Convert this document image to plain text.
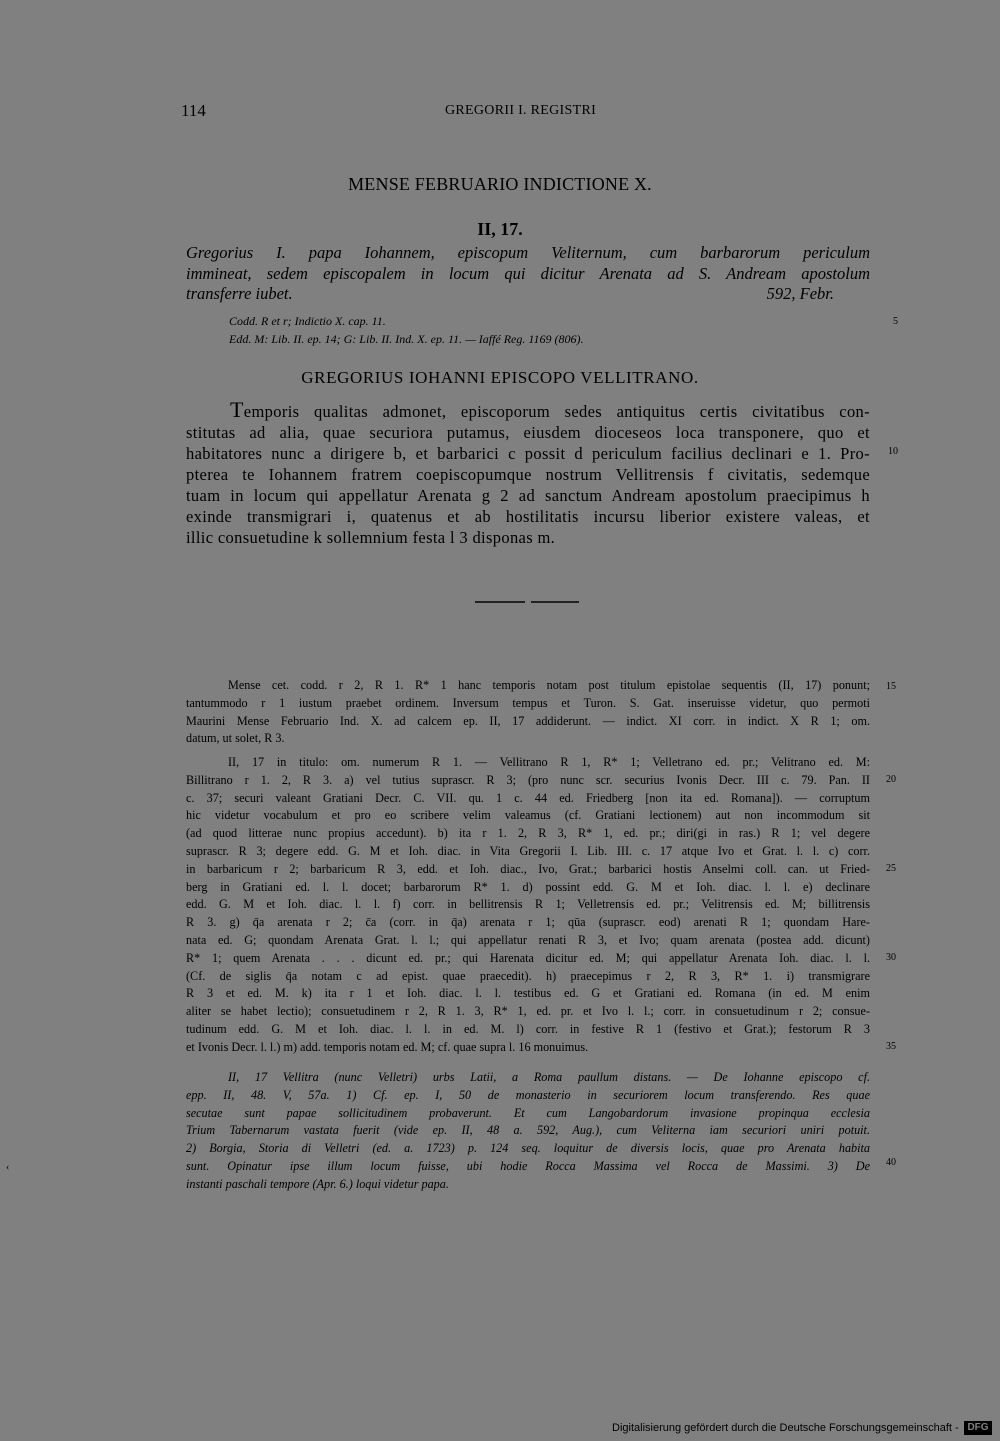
114	GREGORII I. REGISTRI
MENSE FEBRUARIO INDICTIONE X.
II, 17.
Gregorius I. papa Iohannem, episcopum Veliternum, cum barbarorum periculum
immineat, sedem episcopalem in locum qui dicitur Arenata ad S. Andream apostolum
transferre iubet.	592, Febr.
Codd. R et r; Indictio X. cap. 11.	5
Edd. M: Lib. II. ep. 14; G: Lib. II. Ind. X. ep. 11. — Iaffé Reg. 1169 (806).
GREGORIUS IOHANNI EPISCOPO VELLITRANO.
Temporis qualitas admonet, episcoporum sedes antiquitus certis civitatibus con-
stitutas ad alia, quae securiora putamus, eiusdem dioceseos loca transponere, quo et
habitatores nunc a dirigere b, et barbarici c possit d periculum facilius declinari e 1. Pro-
pterea te Iohannem fratrem coepiscopumque nostrum Vellitrensis f civitatis, sedemque
tuam in locum qui appellatur Arenata g 2 ad sanctum Andream apostolum praecipimus h
exinde transmigrari i, quatenus et ab hostilitatis incursu liberior existere valeas, et
illic consuetudine k sollemnium festa l 3 disponas m.
10
Mense cet. codd. r 2, R 1. R* 1 hanc temporis notam post titulum epistolae sequentis (II, 17) ponunt;
tantummodo r 1 iustum praebet ordinem. Inversum tempus et Turon. S. Gat. inseruisse videtur, quo permoti
Maurini Mense Februario Ind. X. ad calcem ep. II, 17 addiderunt. — indict. XI corr. in indict. X R 1; om.
datum, ut solet, R 3.
15
II, 17 in titulo: om. numerum R 1. — Vellitrano R 1, R* 1; Velletrano ed. pr.; Velitrano ed. M:
Billitrano r 1. 2, R 3. a) vel tutius suprascr. R 3; (pro nunc scr. securius Ivonis Decr. III c. 79. Pan. II
c. 37; securi valeant Gratiani Decr. C. VII. qu. 1 c. 44 ed. Friedberg [non ita ed. Romana]). — corruptum
hic videtur vocabulum et pro eo scribere velim valeamus (cf. Gratiani lectionem) aut non incommodum sit
(ad quod litterae nunc propius accedunt). b) ita r 1. 2, R 3, R* 1, ed. pr.; diri(gi in ras.) R 1; vel degere
suprascr. R 3; degere edd. G. M et Ioh. diac. in Vita Gregorii I. Lib. III. c. 17 atque Ivo et Grat. l. l. c) corr.
in barbaricum r 2; barbaricum R 3, edd. et Ioh. diac., Ivo, Grat.; barbarici hostis Anselmi coll. can. ut Fried-
berg in Gratiani ed. l. l. docet; barbarorum R* 1. d) possint edd. G. M et Ioh. diac. l. l. e) declinare
edd. G. M et Ioh. diac. l. l. f) corr. in bellitrensis R 1; Velletrensis ed. pr.; Velitrensis ed. M; billitrensis
R 3. g) q̄a arenata r 2; c̄a (corr. in q̄a) arenata r 1; qūa (suprascr. eod) arenati R 1; quondam Hare-
nata ed. G; quondam Arenata Grat. l. l.; qui appellatur renati R 3, et Ivo; quam arenata (postea add. dicunt)
R* 1; quem Arenata . . . dicunt ed. pr.; qui Harenata dicitur ed. M; qui appellatur Arenata Ioh. diac. l. l.
(Cf. de siglis q̄a notam c ad epist. quae praecedit). h) praecepimus r 2, R 3, R* 1. i) transmigrare
R 3 et ed. M. k) ita r 1 et Ioh. diac. l. l. testibus ed. G et Gratiani ed. Romana (in ed. M enim
aliter se habet lectio); consuetudinem r 2, R 1. 3, R* 1, ed. pr. et Ivo l. l.; corr. in consuetudinum r 2; consue-
tudinum edd. G. M et Ioh. diac. l. l. in ed. M. l) corr. in festive R 1 (festivo et Grat.); festorum R 3
et Ivonis Decr. l. l.) m) add. temporis notam ed. M; cf. quae supra l. 16 monuimus.
20
25
30
35
II, 17 Vellitra (nunc Velletri) urbs Latii, a Roma paullum distans. — De Iohanne episcopo cf.
epp. II, 48. V, 57a. 1) Cf. ep. I, 50 de monasterio in securiorem locum transferendo. Res quae
secutae sunt papae sollicitudinem probaverunt. Et cum Langobardorum invasione propinqua ecclesia
Trium Tabernarum vastata fuerit (vide ep. II, 48 a. 592, Aug.), cum Veliterna iam securiori uniri potuit.
2) Borgia, Storia di Velletri (ed. a. 1723) p. 124 seq. loquitur de diversis locis, quae pro Arenata habita
sunt. Opinatur ipse illum locum fuisse, ubi hodie Rocca Massima vel Rocca de Massimi. 3) De
instanti paschali tempore (Apr. 6.) loqui videtur papa.
40
‹
Digitalisierung gefördert durch die Deutsche Forschungsgemeinschaft - DFG
